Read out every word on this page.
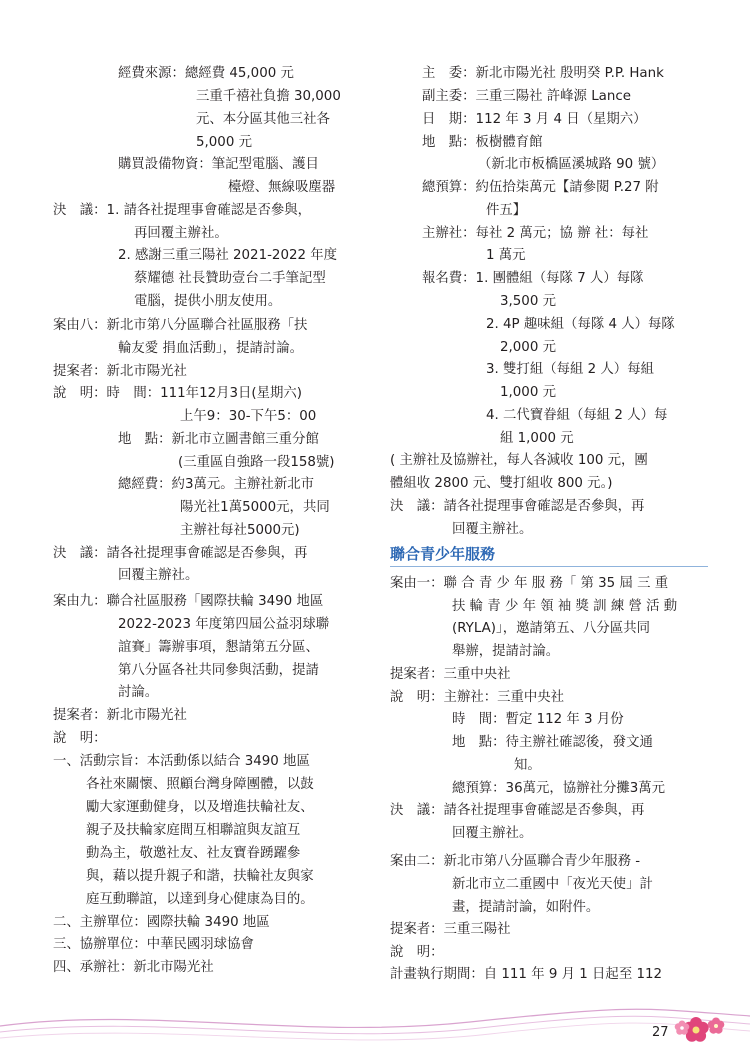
經費來源：總經費 45,000 元
三重千禧社負擔 30,000
元、本分區其他三社各
5,000 元
購買設備物資：筆記型電腦、護目
檯燈、無線吸塵器
決　議：1. 請各社提理事會確認是否參與，
再回覆主辦社。
2. 感謝三重三陽社 2021-2022 年度
蔡耀德 社長贊助壹台二手筆記型
電腦，提供小朋友使用。
案由八：新北市第八分區聯合社區服務「扶
輪友愛 捐血活動」，提請討論。
提案者：新北市陽光社
說　明：時　間：111年12月3日(星期六)
上午9：30-下午5：00
地　點：新北市立圖書館三重分館
(三重區自強路一段158號)
總經費：約3萬元。主辦社新北市
陽光社1萬5000元，共同
主辦社每社5000元)
決　議：請各社提理事會確認是否參與，再
回覆主辦社。
案由九：聯合社區服務「國際扶輪 3490 地區
2022-2023 年度第四屆公益羽球聯
誼賽」籌辦事項，懇請第五分區、
第八分區各社共同參與活動，提請
討論。
提案者：新北市陽光社
說　明：
一、活動宗旨：本活動係以結合 3490 地區
各社來關懷、照顧台灣身障團體，以鼓
勵大家運動健身，以及增進扶輪社友、
親子及扶輪家庭間互相聯誼與友誼互
動為主，敬邀社友、社友寶眷踴躍參
與，藉以提升親子和諧，扶輪社友與家
庭互動聯誼，以達到身心健康為目的。
二、主辦單位：國際扶輪 3490 地區
三、協辦單位：中華民國羽球協會
四、承辦社：新北市陽光社
主　委：新北市陽光社 殷明癸 P.P. Hank
副主委：三重三陽社 許峰源 Lance
日　期：112 年 3 月 4 日（星期六）
地　點：板樹體育館
（新北市板橋區溪城路 90 號）
總預算：約伍拾柒萬元【請參閱 P.27 附
件五】
主辦社：每社 2 萬元；協 辦 社：每社
1 萬元
報名費：1. 團體組（每隊 7 人）每隊
3,500 元
2. 4P 趣味組（每隊 4 人）每隊
2,000 元
3. 雙打組（每組 2 人）每組
1,000 元
4. 二代寶眷組（每組 2 人）每
組 1,000 元
( 主辦社及協辦社，每人各減收 100 元，團
體組收 2800 元、雙打組收 800 元。)
決　議：請各社提理事會確認是否參與，再
回覆主辦社。
聯合青少年服務
案由一：聯 合 青 少 年 服 務「 第 35 屆 三 重
扶 輪 青 少 年 領 袖 獎 訓 練 營 活 動
(RYLA)」，邀請第五、八分區共同
舉辦，提請討論。
提案者：三重中央社
說　明：主辦社：三重中央社
時　間：暫定 112 年 3 月份
地　點：待主辦社確認後，發文通
知。
總預算：36萬元，協辦社分攤3萬元
決　議：請各社提理事會確認是否參與，再
回覆主辦社。
案由二：新北市第八分區聯合青少年服務 -
新北市立二重國中「夜光天使」計
畫，提請討論，如附件。
提案者：三重三陽社
說　明：
計畫執行期間：自 111 年 9 月 1 日起至 112
27
